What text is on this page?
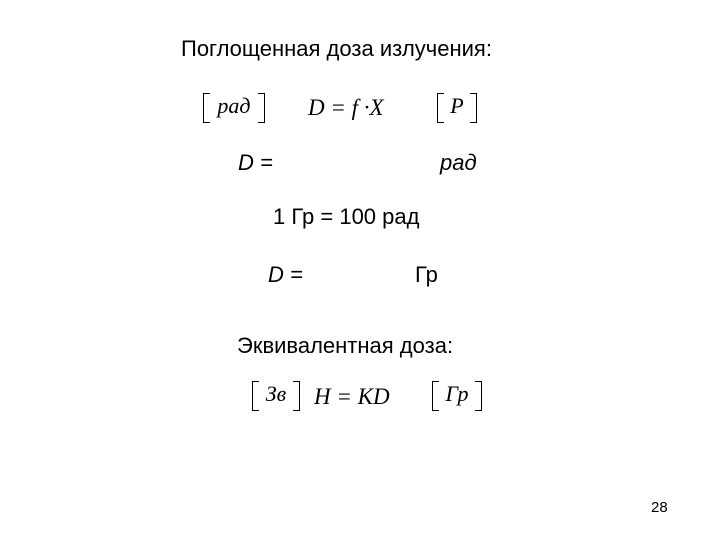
Поглощенная доза излучения:
рад D = f ·X	Р
D =	рад
1 Гр = 100 рад
D =	Гр
Эквивалентная доза:
Зв H = KD	Гр
28
